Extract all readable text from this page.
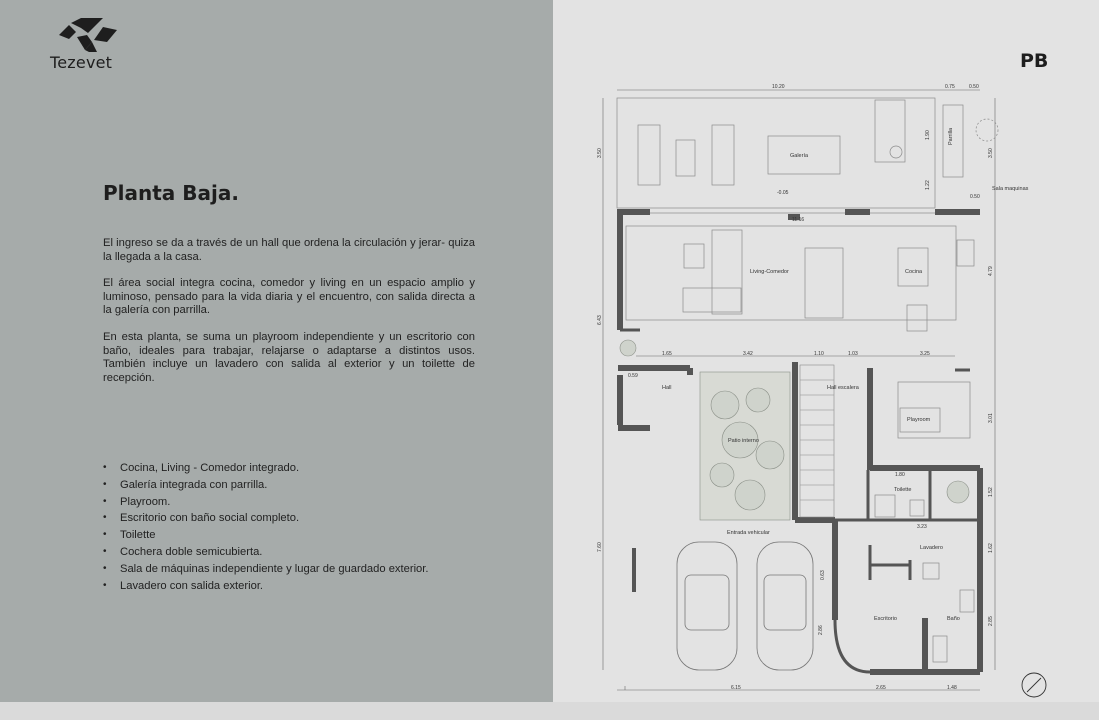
Tezevet
Planta Baja.

El ingreso se da a través de un hall que ordena la circulación y jerar- quiza la llegada a la casa.

El área social integra cocina, comedor y living en un espacio amplio y luminoso, pensado para la vida diaria y el encuentro, con salida directa a la galería con parrilla.

En esta planta, se suma un playroom independiente y un escritorio con baño, ideales para trabajar, relajarse o adaptarse a distintos usos. También incluye un lavadero con salida al exterior y un toilette de recepción.

• Cocina, Living - Comedor integrado.
• Galería integrada con parrilla.
• Playroom.
• Escritorio con baño social completo.
• Toilette
• Cochera doble semicubierta.
• Sala de máquinas independiente y lugar de guardado exterior.
• Lavadero con salida exterior.
PB
Galería
Parrilla
Sala maquinas
Living-Comedor	Cocina
Hall
Patio interno
Hall escalera
Playroom
Toilette
Lavadero
Entrada vehicular
Escritorio	Baño
10.20	0.75	0.50
3.50
1.90
1.22
3.50
0.50
-0.05
11.16
6.43
7.60
4.79
1.65	3.42	1.10	1.03	3.25
0.59
3.01
1.80
1.52
3.23
1.62
0.63
2.85
2.86
6.15	2.65	1.48
